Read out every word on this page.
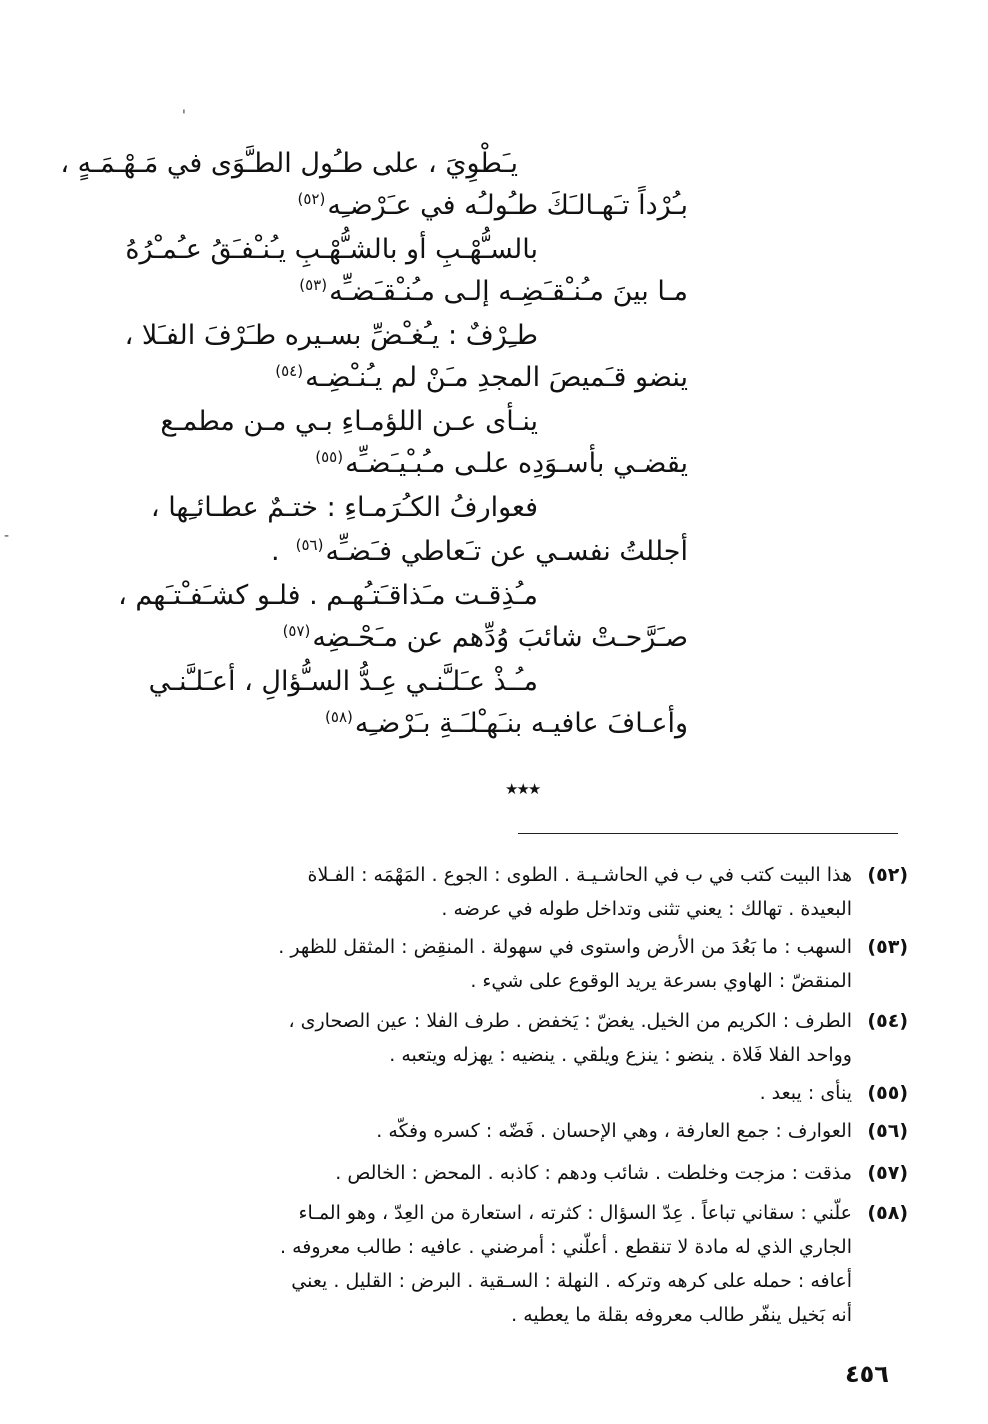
'
-
يـَطْوِيَ ، على طـُول الطـَّوَى في مَـهْـمَـهٍ ،
بـُرْداً تـَهـالـَكَ طـُولـُه في عـَرْضـِه$^{(٥٢)}$
بالسـُّهْـبِ أو بالشـُّهْـبِ يـُنـْفـَقُ عـُمـْرُهُ
مـا بينَ مـُنـْقـَضِـه إلـى مـُنـْقـَضـِّه$^{(٥٣)}$
طـِرْفٌ : يـُغـْضِّ بسـيره طـَرْفَ الفـَلا ،
ينضو قـَميصَ المجدِ مـَنْ لم يـُنـْضِـه$^{(٥٤)}$
ينـأى عـن اللؤمـاءِ بـي مـن مطمـع
يقضـي بأسـوَدِه علـى مـُبـْيـَضـِّه$^{(٥٥)}$
فعوارفُ الكـُرَمـاءِ : ختـمٌ عطـائـِها ،
أجللتُ نفسـي عن تـَعاطي فـَضـِّه$^{(٥٦)}$.
مـُذِقـت مـَذاقـَتـُهـم . فلـو كشـَفـْتـَهم ،
صـَرَّحـتْ شائبَ وُدِّهم عن مـَحْـضِه$^{(٥٧)}$
مـُـذْ عـَلـَّنـي عِـدُّ السـُّؤالِ ، أعـَلـَّنـي
وأعـافَ عافيـه بنـَهـْلـَـةِ بـَرْضـِه$^{(٥٨)}$
★★★
(٥٢)هذا البيت كتب في ب في الحاشـيـة . الطوى : الجوع . المَهْمَه : الفـلاة
البعيدة . تهالك : يعني تثنى وتداخل طوله في عرضه .
(٥٣)السهب : ما بَعُدَ من الأرض واستوى في سهولة . المنقِض : المثقل للظهر .
المنقضّ : الهاوي بسرعة يريد الوقوع على شيء .
(٥٤)الطرف : الكريم من الخيل. يغضّ : يَخفض . طرف الفلا : عين الصحارى ،
وواحد الفلا فَلاة . ينضو : ينزع ويلقي . ينضيه : يهزله ويتعبه .
(٥٥)ينأى : يبعد .
(٥٦)العوارف : جمع العارفة ، وهي الإحسان . فَضّه : كسره وفكّه .
(٥٧)مذقت : مزجت وخلطت . شائب ودهم : كاذبه . المحض : الخالص .
(٥٨)علّني : سقاني تباعاً . عِدّ السؤال : كثرته ، استعارة من العِدّ ، وهو المـاء
الجاري الذي له مادة لا تنقطع . أعلّني : أمرضني . عافيه : طالب معروفه .
أعافه : حمله على كرهه وتركه . النهلة : السـقية . البرض : القليل . يعني
أنه بَخيل ينفّر طالب معروفه بقلة ما يعطيه .
٤٥٦
